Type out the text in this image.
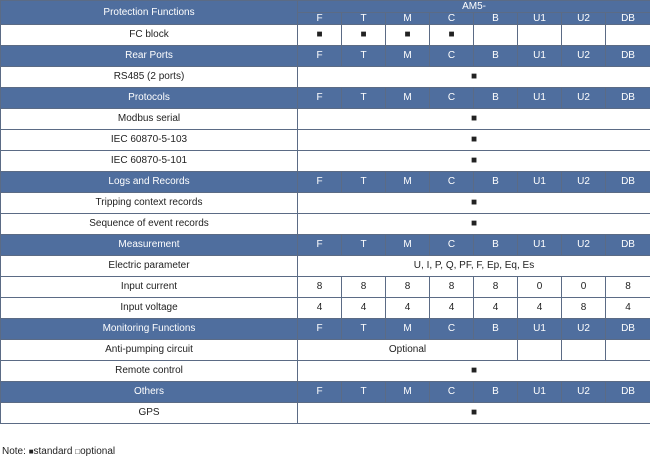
Protection Functions	AM5-							
	F	T	M	C	B	U1	U2	DB
FC block	■	■	■	■				
Rear Ports	F	T	M	C	B	U1	U2	DB
RS485 (2 ports)	■							
Protocols	F	T	M	C	B	U1	U2	DB
Modbus serial	■							
IEC 60870-5-103	■							
IEC 60870-5-101	■							
Logs and Records	F	T	M	C	B	U1	U2	DB
Tripping context records	■							
Sequence of event records	■							
Measurement	F	T	M	C	B	U1	U2	DB
Electric parameter	U, I, P, Q, PF, F, Ep, Eq, Es							
Input current	8	8	8	8	8	0	0	8
Input voltage	4	4	4	4	4	4	8	4
Monitoring Functions	F	T	M	C	B	U1	U2	DB
Anti-pumping circuit	Optional							
Remote control	■							
Others	F	T	M	C	B	U1	U2	DB
GPS	■							
Note: ■standard □optional
